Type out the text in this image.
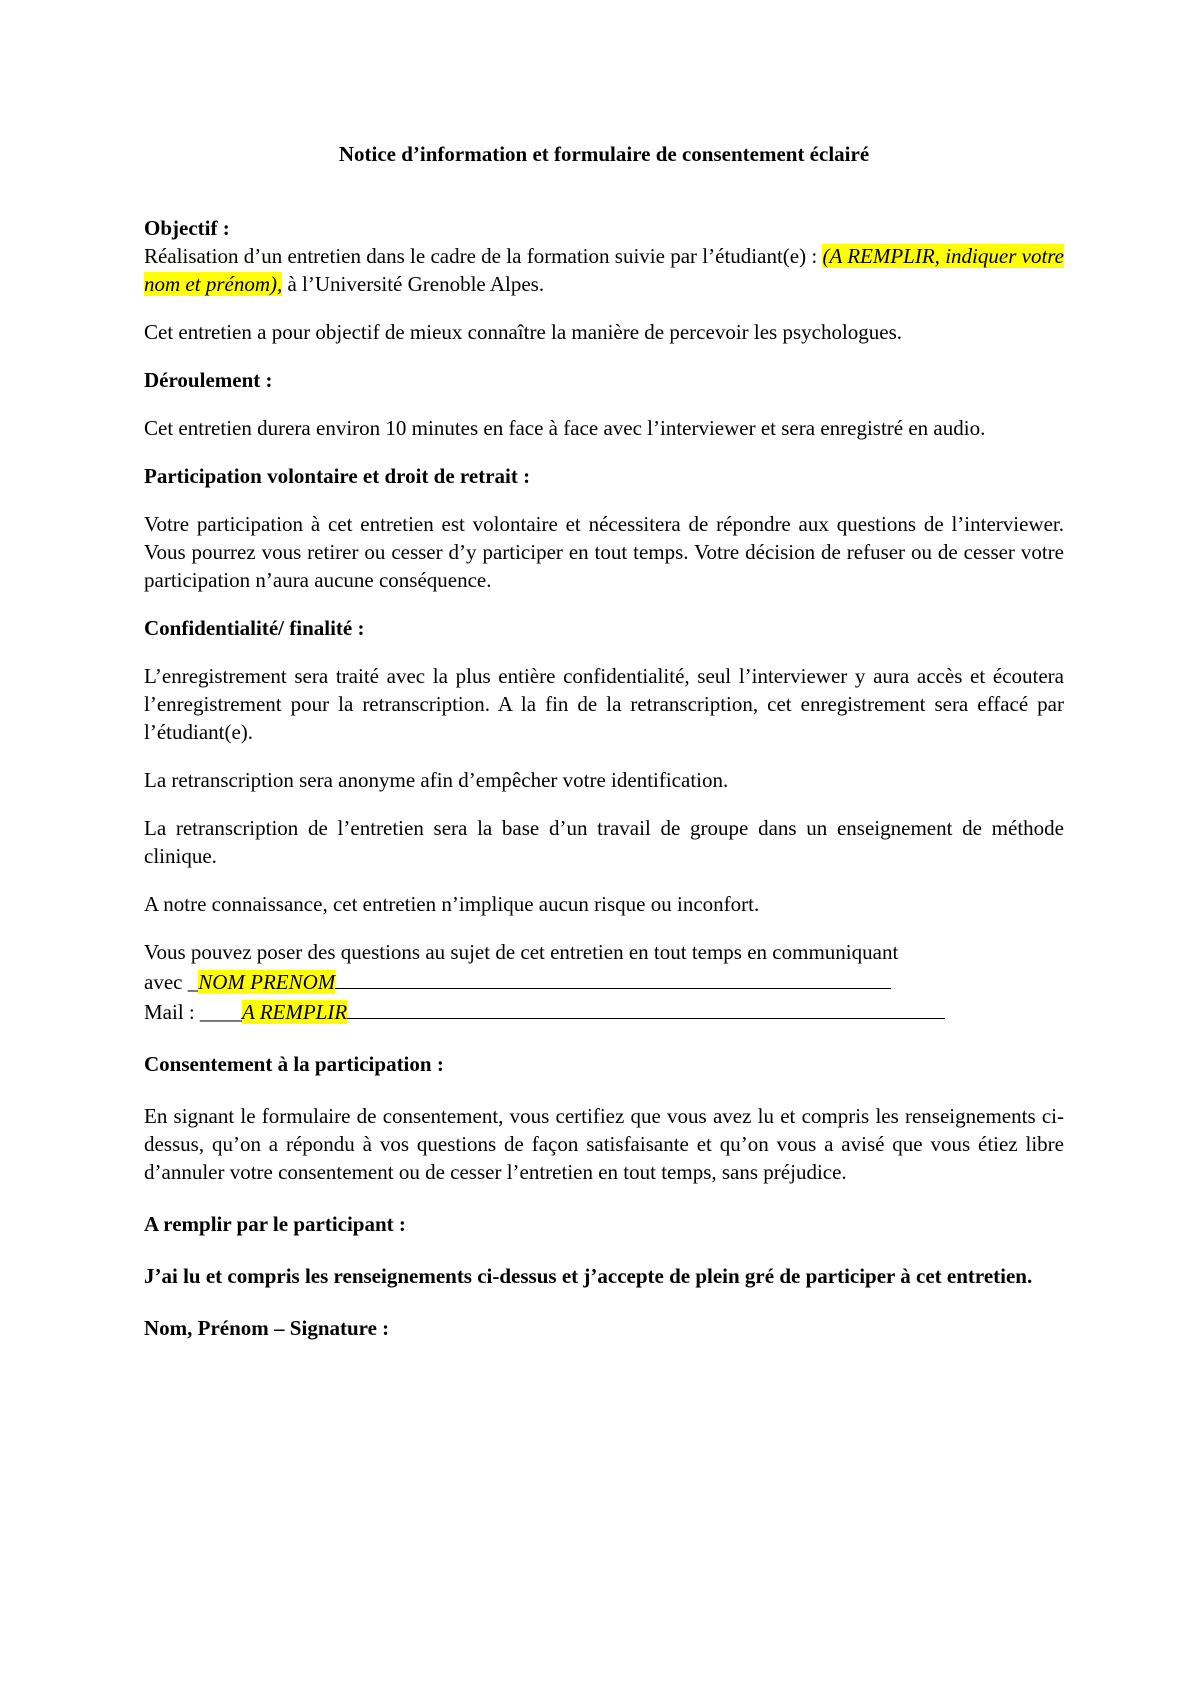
Notice d’information et formulaire de consentement éclairé

Objectif :

Réalisation d’un entretien dans le cadre de la formation suivie par l’étudiant(e) : (A REMPLIR, indiquer votre nom et prénom), à l’Université Grenoble Alpes.

Cet entretien a pour objectif de mieux connaître la manière de percevoir les psychologues.

Déroulement :

Cet entretien durera environ 10 minutes en face à face avec l’interviewer et sera enregistré en audio.

Participation volontaire et droit de retrait :

Votre participation à cet entretien est volontaire et nécessitera de répondre aux questions de l’interviewer. Vous pourrez vous retirer ou cesser d’y participer en tout temps. Votre décision de refuser ou de cesser votre participation n’aura aucune conséquence.

Confidentialité/ finalité :

L’enregistrement sera traité avec la plus entière confidentialité, seul l’interviewer y aura accès et écoutera l’enregistrement pour la retranscription. A la fin de la retranscription, cet enregistrement sera effacé par l’étudiant(e).

La retranscription sera anonyme afin d’empêcher votre identification.

La retranscription de l’entretien sera la base d’un travail de groupe dans un enseignement de méthode clinique.

A notre connaissance, cet entretien n’implique aucun risque ou inconfort.

Vous pouvez poser des questions au sujet de cet entretien en tout temps en communiquant

avec _NOM PRENOM

Mail : ____A REMPLIR

Consentement à la participation :

En signant le formulaire de consentement, vous certifiez que vous avez lu et compris les renseignements ci-dessus, qu’on a répondu à vos questions de façon satisfaisante et qu’on vous a avisé que vous étiez libre d’annuler votre consentement ou de cesser l’entretien en tout temps, sans préjudice.

A remplir par le participant :

J’ai lu et compris les renseignements ci-dessus et j’accepte de plein gré de participer à cet entretien.

Nom, Prénom – Signature :
